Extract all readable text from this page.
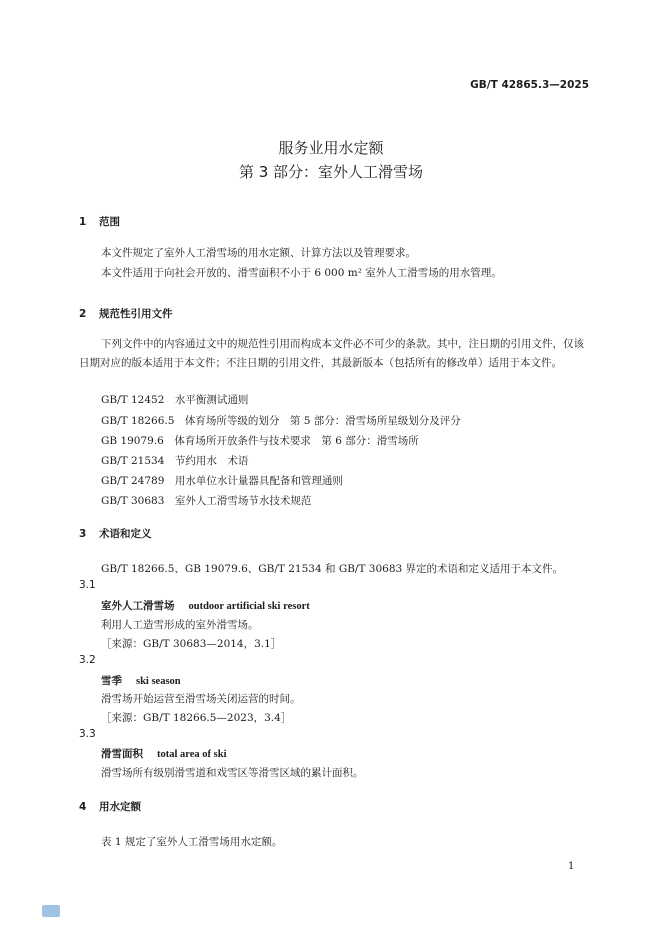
GB/T 42865.3—2025
服务业用水定额
第 3 部分：室外人工滑雪场
1 范围
本文件规定了室外人工滑雪场的用水定额、计算方法以及管理要求。
本文件适用于向社会开放的、滑雪面积不小于 6 000 m² 室外人工滑雪场的用水管理。
2 规范性引用文件
下列文件中的内容通过文中的规范性引用而构成本文件必不可少的条款。其中，注日期的引用文件，仅该日期对应的版本适用于本文件；不注日期的引用文件，其最新版本（包括所有的修改单）适用于本文件。
GB/T 12452　 水平衡测试通则
GB/T 18266.5　 体育场所等级的划分　第 5 部分：滑雪场所星级划分及评分
GB 19079.6　 体育场所开放条件与技术要求　第 6 部分：滑雪场所
GB/T 21534　 节约用水　术语
GB/T 24789　 用水单位水计量器具配备和管理通则
GB/T 30683　 室外人工滑雪场节水技术规范
3 术语和定义
GB/T 18266.5、GB 19079.6、GB/T 21534 和 GB/T 30683 界定的术语和定义适用于本文件。
3.1
室外人工滑雪场 outdoor artificial ski resort
利用人工造雪形成的室外滑雪场。
［来源：GB/T 30683—2014，3.1］
3.2
雪季 ski season
滑雪场开始运营至滑雪场关闭运营的时间。
［来源：GB/T 18266.5—2023，3.4］
3.3
滑雪面积 total area of ski
滑雪场所有级别滑雪道和戏雪区等滑雪区域的累计面积。
4 用水定额
表 1 规定了室外人工滑雪场用水定额。
1
